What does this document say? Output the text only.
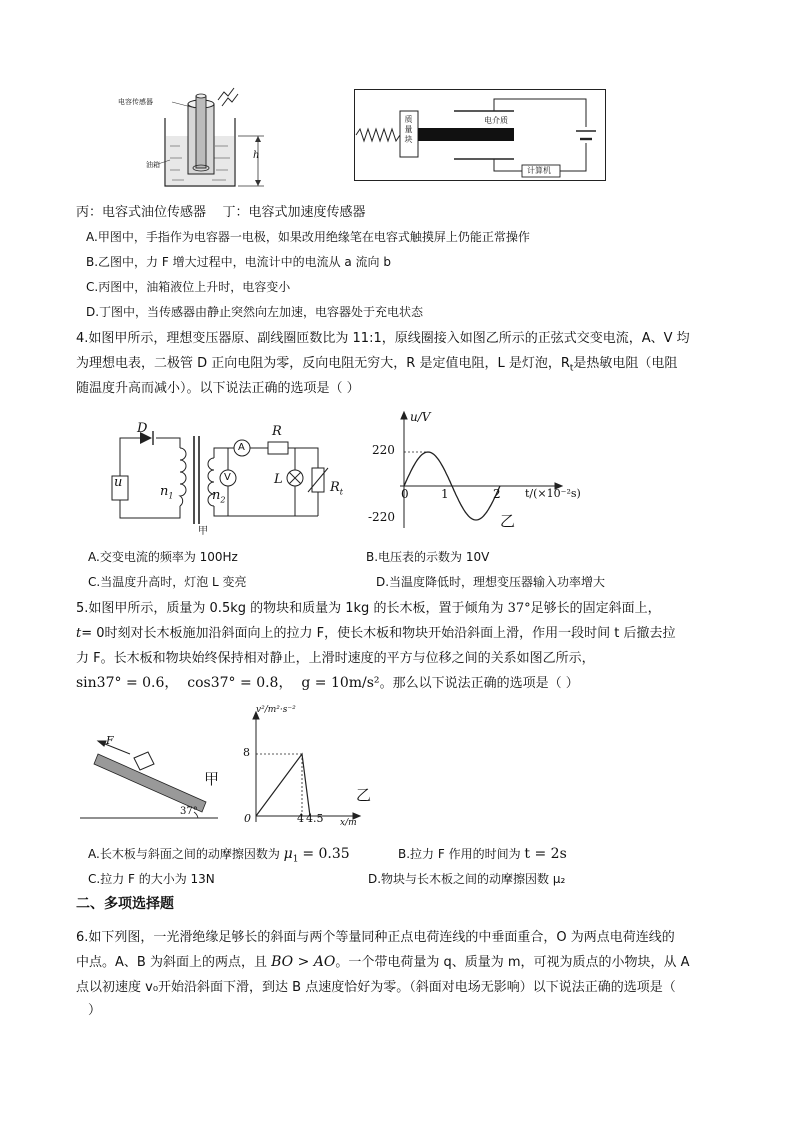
电容传感器
油箱
h
质
量
块
电介质
计算机
丙：电容式油位传感器    丁：电容式加速度传感器
A.甲图中，手指作为电容器一电极，如果改用绝缘笔在电容式触摸屏上仍能正常操作
B.乙图中，力 F 增大过程中，电流计中的电流从 a 流向 b
C.丙图中，油箱液位上升时，电容变小
D.丁图中，当传感器由静止突然向左加速，电容器处于充电状态
4.如图甲所示，理想变压器原、副线圈匝数比为 11:1，原线圈接入如图乙所示的正弦式交变电流，A、V 均
为理想电表，二极管 D 正向电阻为零，反向电阻无穷大，R 是定值电阻，L 是灯泡，$R_t$是热敏电阻（电阻
随温度升高而减小）。以下说法正确的选项是（ ）
D
u
$n_1$	$n_2$
A
V
R
L
$R_t$
甲
u/V
220
-220
0	1	2 t/(×10⁻²s)
乙
A.交变电流的频率为 100Hz	B.电压表的示数为 10V
C.当温度升高时，灯泡 L 变亮	D.当温度降低时，理想变压器输入功率增大
5.如图甲所示，质量为 0.5kg 的物块和质量为 1kg 的长木板，置于倾角为 37°足够长的固定斜面上，
t= 0时刻对长木板施加沿斜面向上的拉力 F，使长木板和物块开始沿斜面上滑，作用一段时间 t 后撤去拉
力 F。长木板和物块始终保持相对静止，上滑时速度的平方与位移之间的关系如图乙所示，
sin37° = 0.6，  cos37° = 0.8，  g = 10m/s²。那么以下说法正确的选项是（ ）
F
37°
甲
v²/m²·s⁻²
8
0	4 4.5 x/m
乙
A.长木板与斜面之间的动摩擦因数为 $\mu_1 = 0.35$	B.拉力 F 作用的时间为 t = 2s
C.拉力 F 的大小为 13N	D.物块与长木板之间的动摩擦因数 μ₂
二、多项选择题
6.如下列图，一光滑绝缘足够长的斜面与两个等量同种正点电荷连线的中垂面重合，O 为两点电荷连线的
中点。A、B 为斜面上的两点，且 BO > AO。一个带电荷量为 q、质量为 m，可视为质点的小物块，从 A
点以初速度 v₀开始沿斜面下滑，到达 B 点速度恰好为零。（斜面对电场无影响）以下说法正确的选项是（
）
